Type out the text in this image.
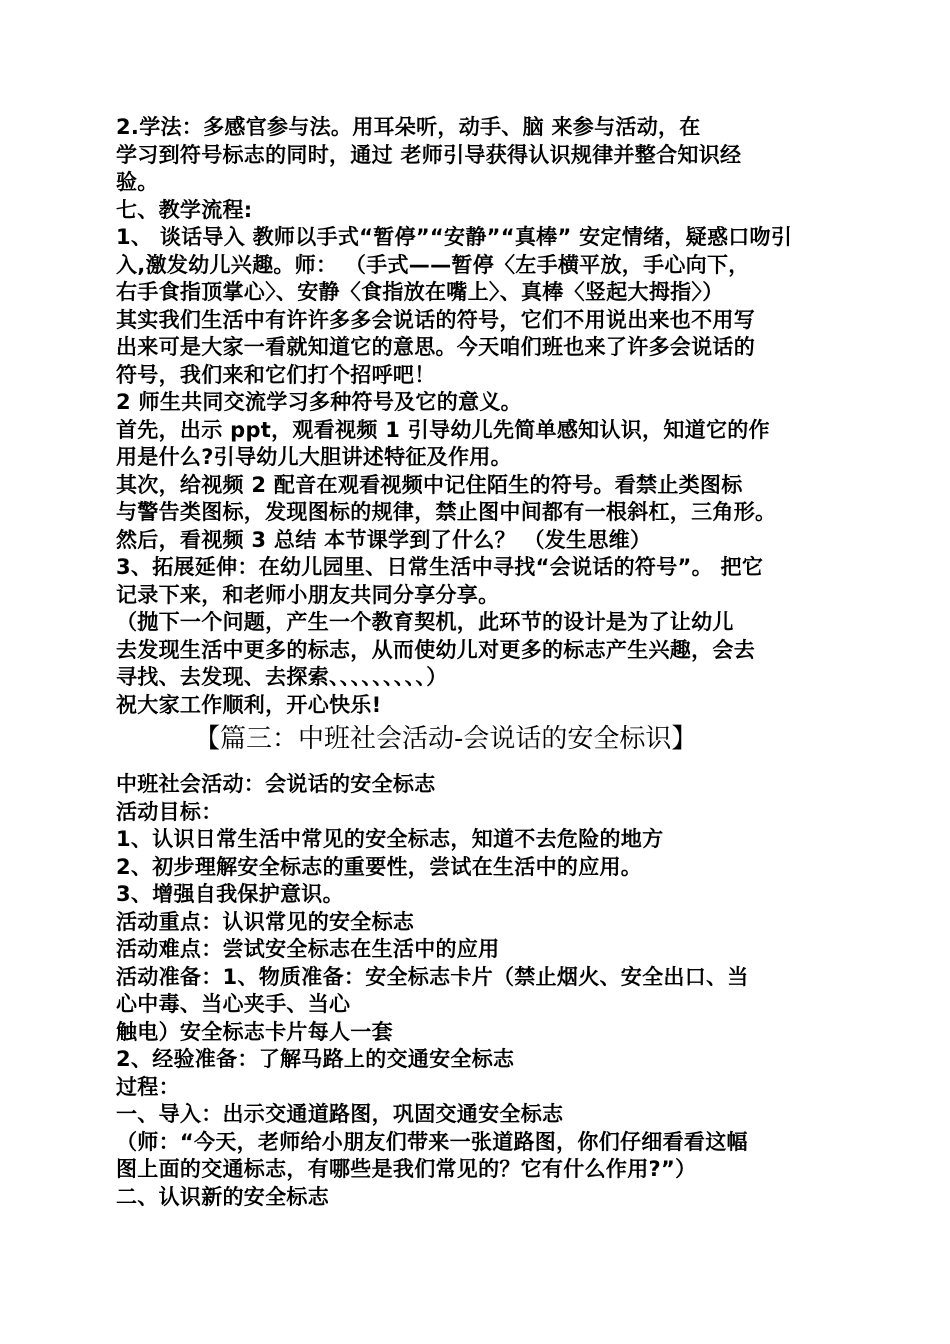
2.学法：多感官参与法。用耳朵听，动手、脑 来参与活动，在
学习到符号标志的同时，通过 老师引导获得认识规律并整合知识经
验。
七、教学流程:
1、 谈话导入 教师以手式“暂停”“安静”“真棒” 安定情绪，疑惑口吻引
入,激发幼儿兴趣。师： （手式——暂停〈左手横平放，手心向下，
右手食指顶掌心〉、安静〈食指放在嘴上〉、真棒〈竖起大拇指〉）
其实我们生活中有许许多多会说话的符号，它们不用说出来也不用写
出来可是大家一看就知道它的意思。今天咱们班也来了许多会说话的
符号，我们来和它们打个招呼吧！
2 师生共同交流学习多种符号及它的意义。
首先，出示 ppt，观看视频 1 引导幼儿先简单感知认识，知道它的作
用是什么?引导幼儿大胆讲述特征及作用。
其次，给视频 2 配音在观看视频中记住陌生的符号。看禁止类图标
与警告类图标，发现图标的规律，禁止图中间都有一根斜杠，三角形。
然后，看视频 3 总结 本节课学到了什么？ （发生思维）
3、拓展延伸：在幼儿园里、日常生活中寻找“会说话的符号”。 把它
记录下来，和老师小朋友共同分享分享。
（抛下一个问题，产生一个教育契机，此环节的设计是为了让幼儿
去发现生活中更多的标志，从而使幼儿对更多的标志产生兴趣，会去
寻找、去发现、去探索、、、、、、、、、）
祝大家工作顺利，开心快乐!
【篇三：中班社会活动-会说话的安全标识】
中班社会活动：会说话的安全标志
活动目标：
1、认识日常生活中常见的安全标志，知道不去危险的地方
2、初步理解安全标志的重要性，尝试在生活中的应用。
3、增强自我保护意识。
活动重点：认识常见的安全标志
活动难点：尝试安全标志在生活中的应用
活动准备：1、物质准备：安全标志卡片（禁止烟火、安全出口、当
心中毒、当心夹手、当心
触电）安全标志卡片每人一套
2、经验准备：了解马路上的交通安全标志
过程：
一、导入：出示交通道路图，巩固交通安全标志
（师：“今天，老师给小朋友们带来一张道路图，你们仔细看看这幅
图上面的交通标志，有哪些是我们常见的？它有什么作用?”）
二、认识新的安全标志
